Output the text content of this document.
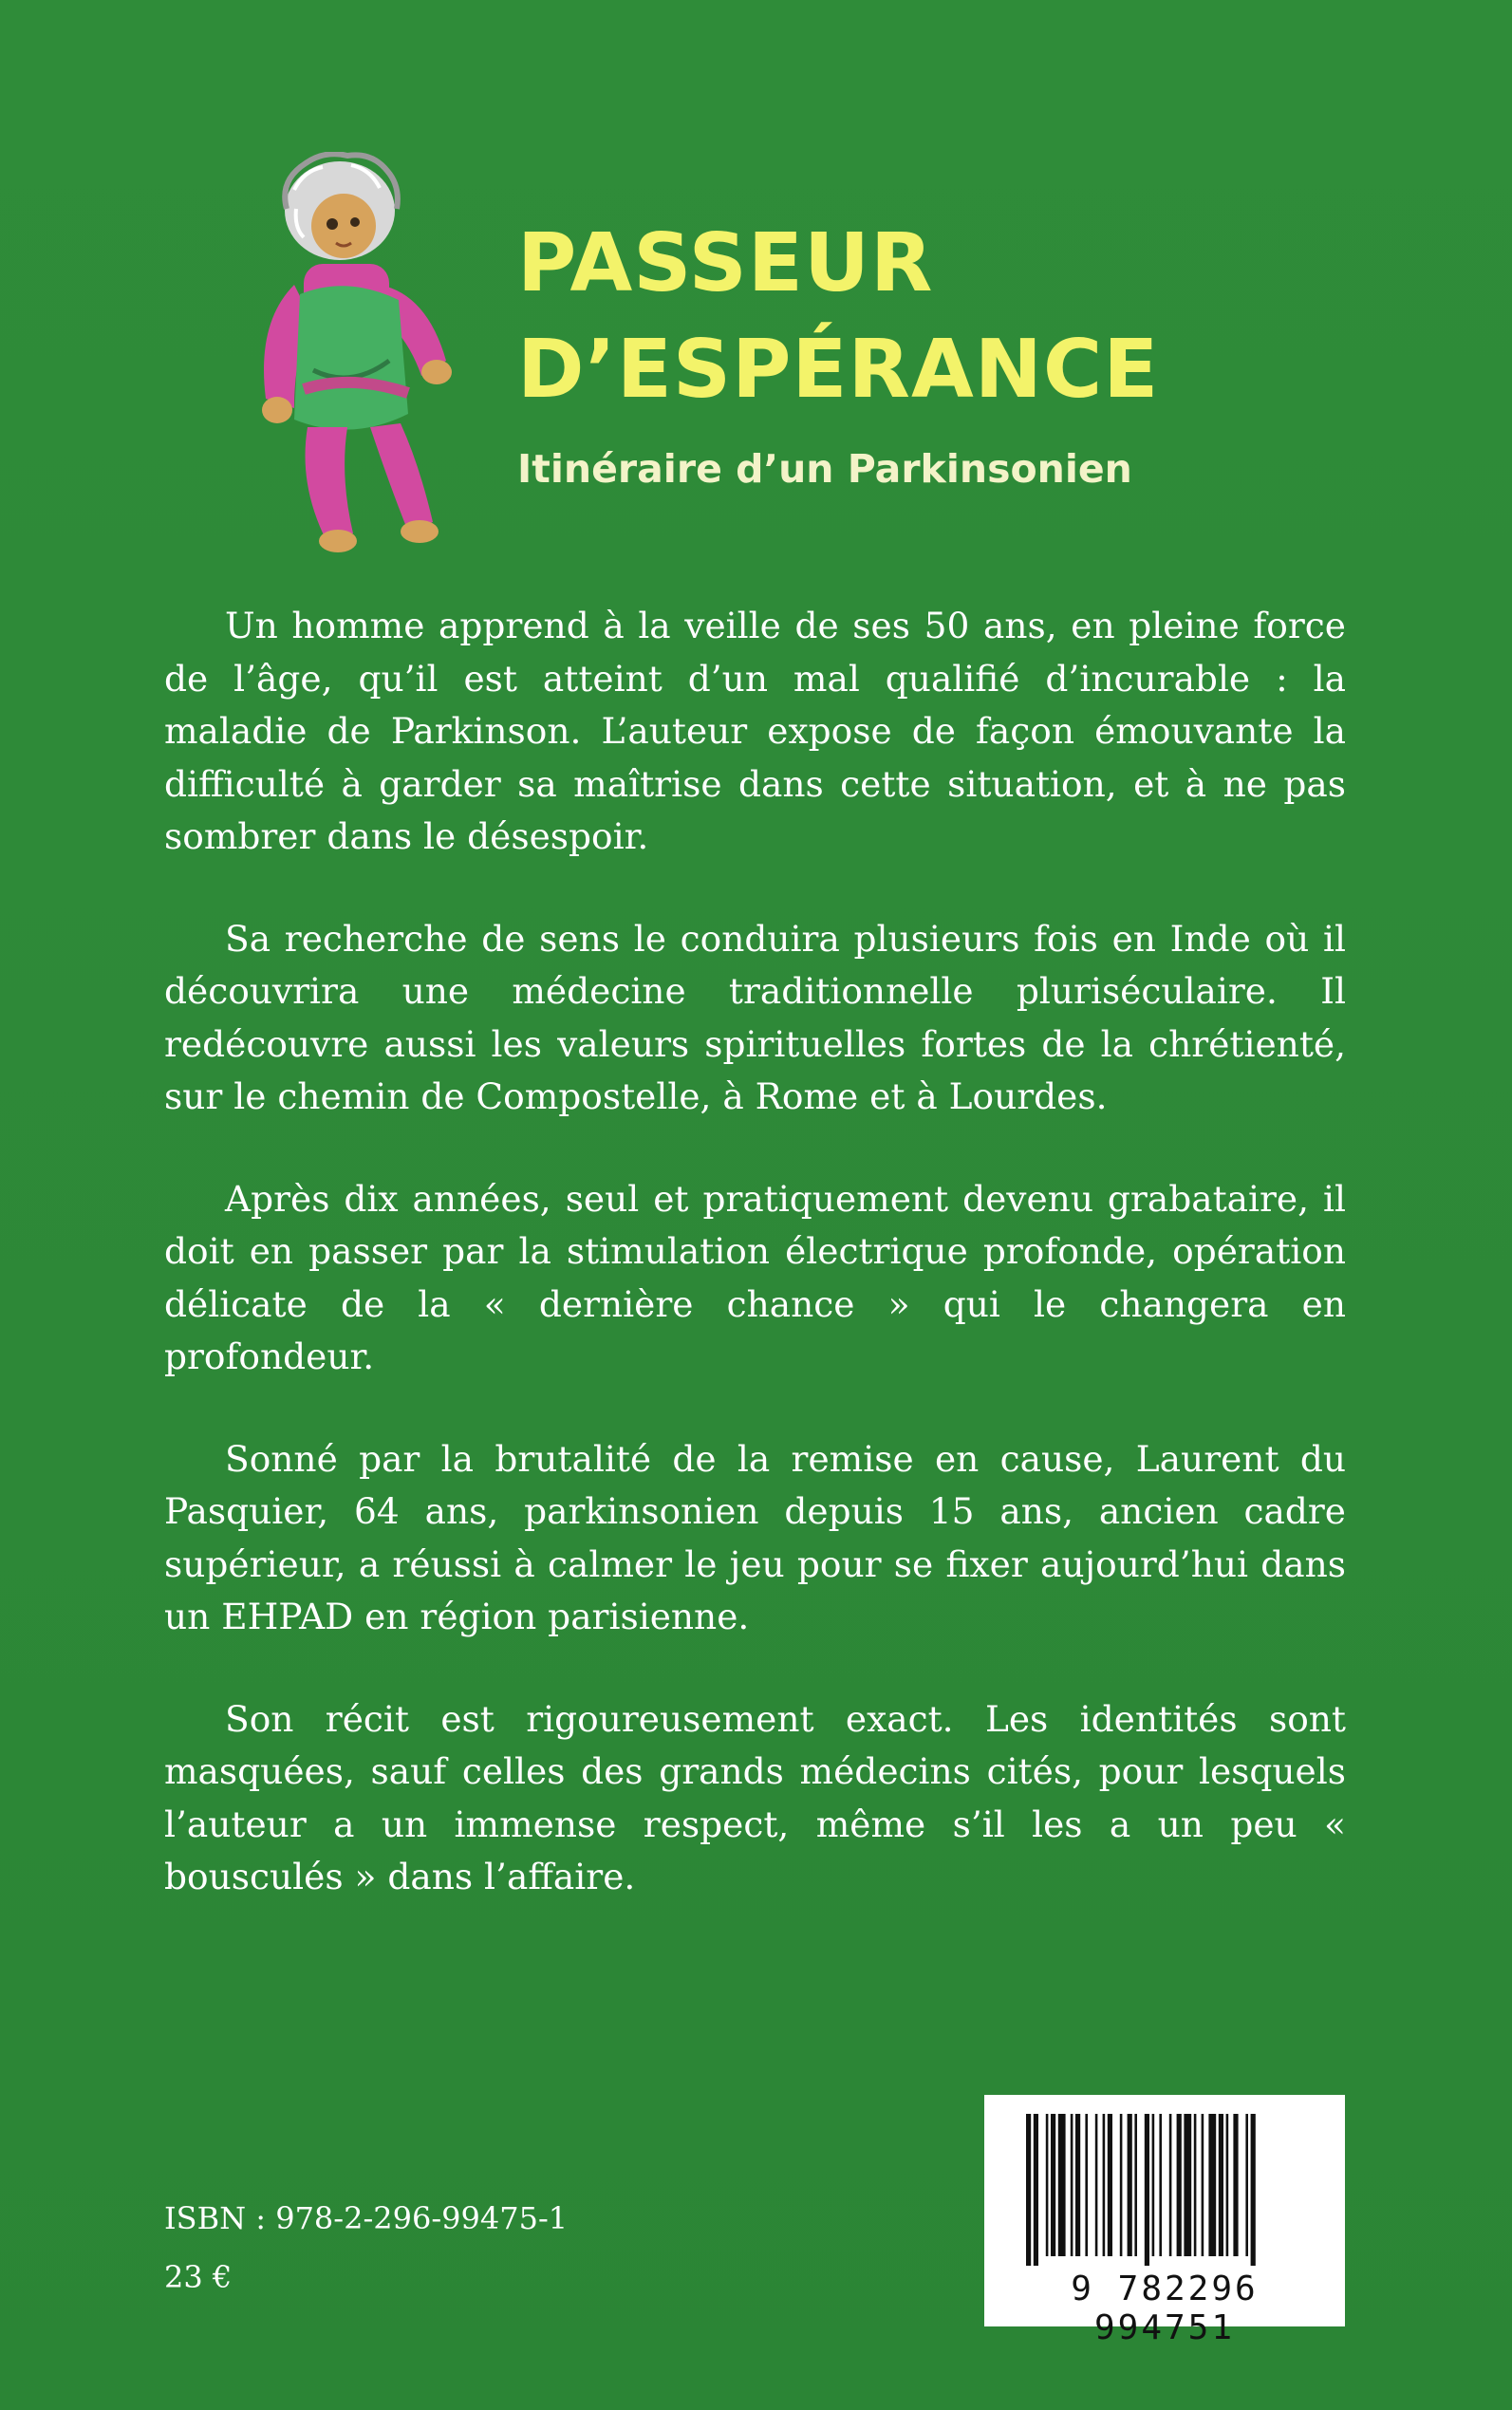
PASSEUR
D’ESPÉRANCE
Itinéraire d’un Parkinsonien

Un homme apprend à la veille de ses 50 ans, en pleine force de l’âge, qu’il est atteint d’un mal qualifié d’incurable : la maladie de Parkinson. L’auteur expose de façon émouvante la difficulté à garder sa maîtrise dans cette situation, et à ne pas sombrer dans le désespoir.

Sa recherche de sens le conduira plusieurs fois en Inde où il découvrira une médecine traditionnelle pluriséculaire. Il redécouvre aussi les valeurs spirituelles fortes de la chrétienté, sur le chemin de Compostelle, à Rome et à Lourdes.

Après dix années, seul et pratiquement devenu grabataire, il doit en passer par la stimulation électrique profonde, opération délicate de la « dernière chance » qui le changera en profondeur.

Sonné par la brutalité de la remise en cause, Laurent du Pasquier, 64 ans, parkinsonien depuis 15 ans, ancien cadre supérieur, a réussi à calmer le jeu pour se fixer aujourd’hui dans un EHPAD en région parisienne.

Son récit est rigoureusement exact. Les identités sont masquées, sauf celles des grands médecins cités, pour lesquels l’auteur a un immense respect, même s’il les a un peu « bousculés » dans l’affaire.

ISBN : 978-2-296-99475-1

23 €	9 782296 994751
